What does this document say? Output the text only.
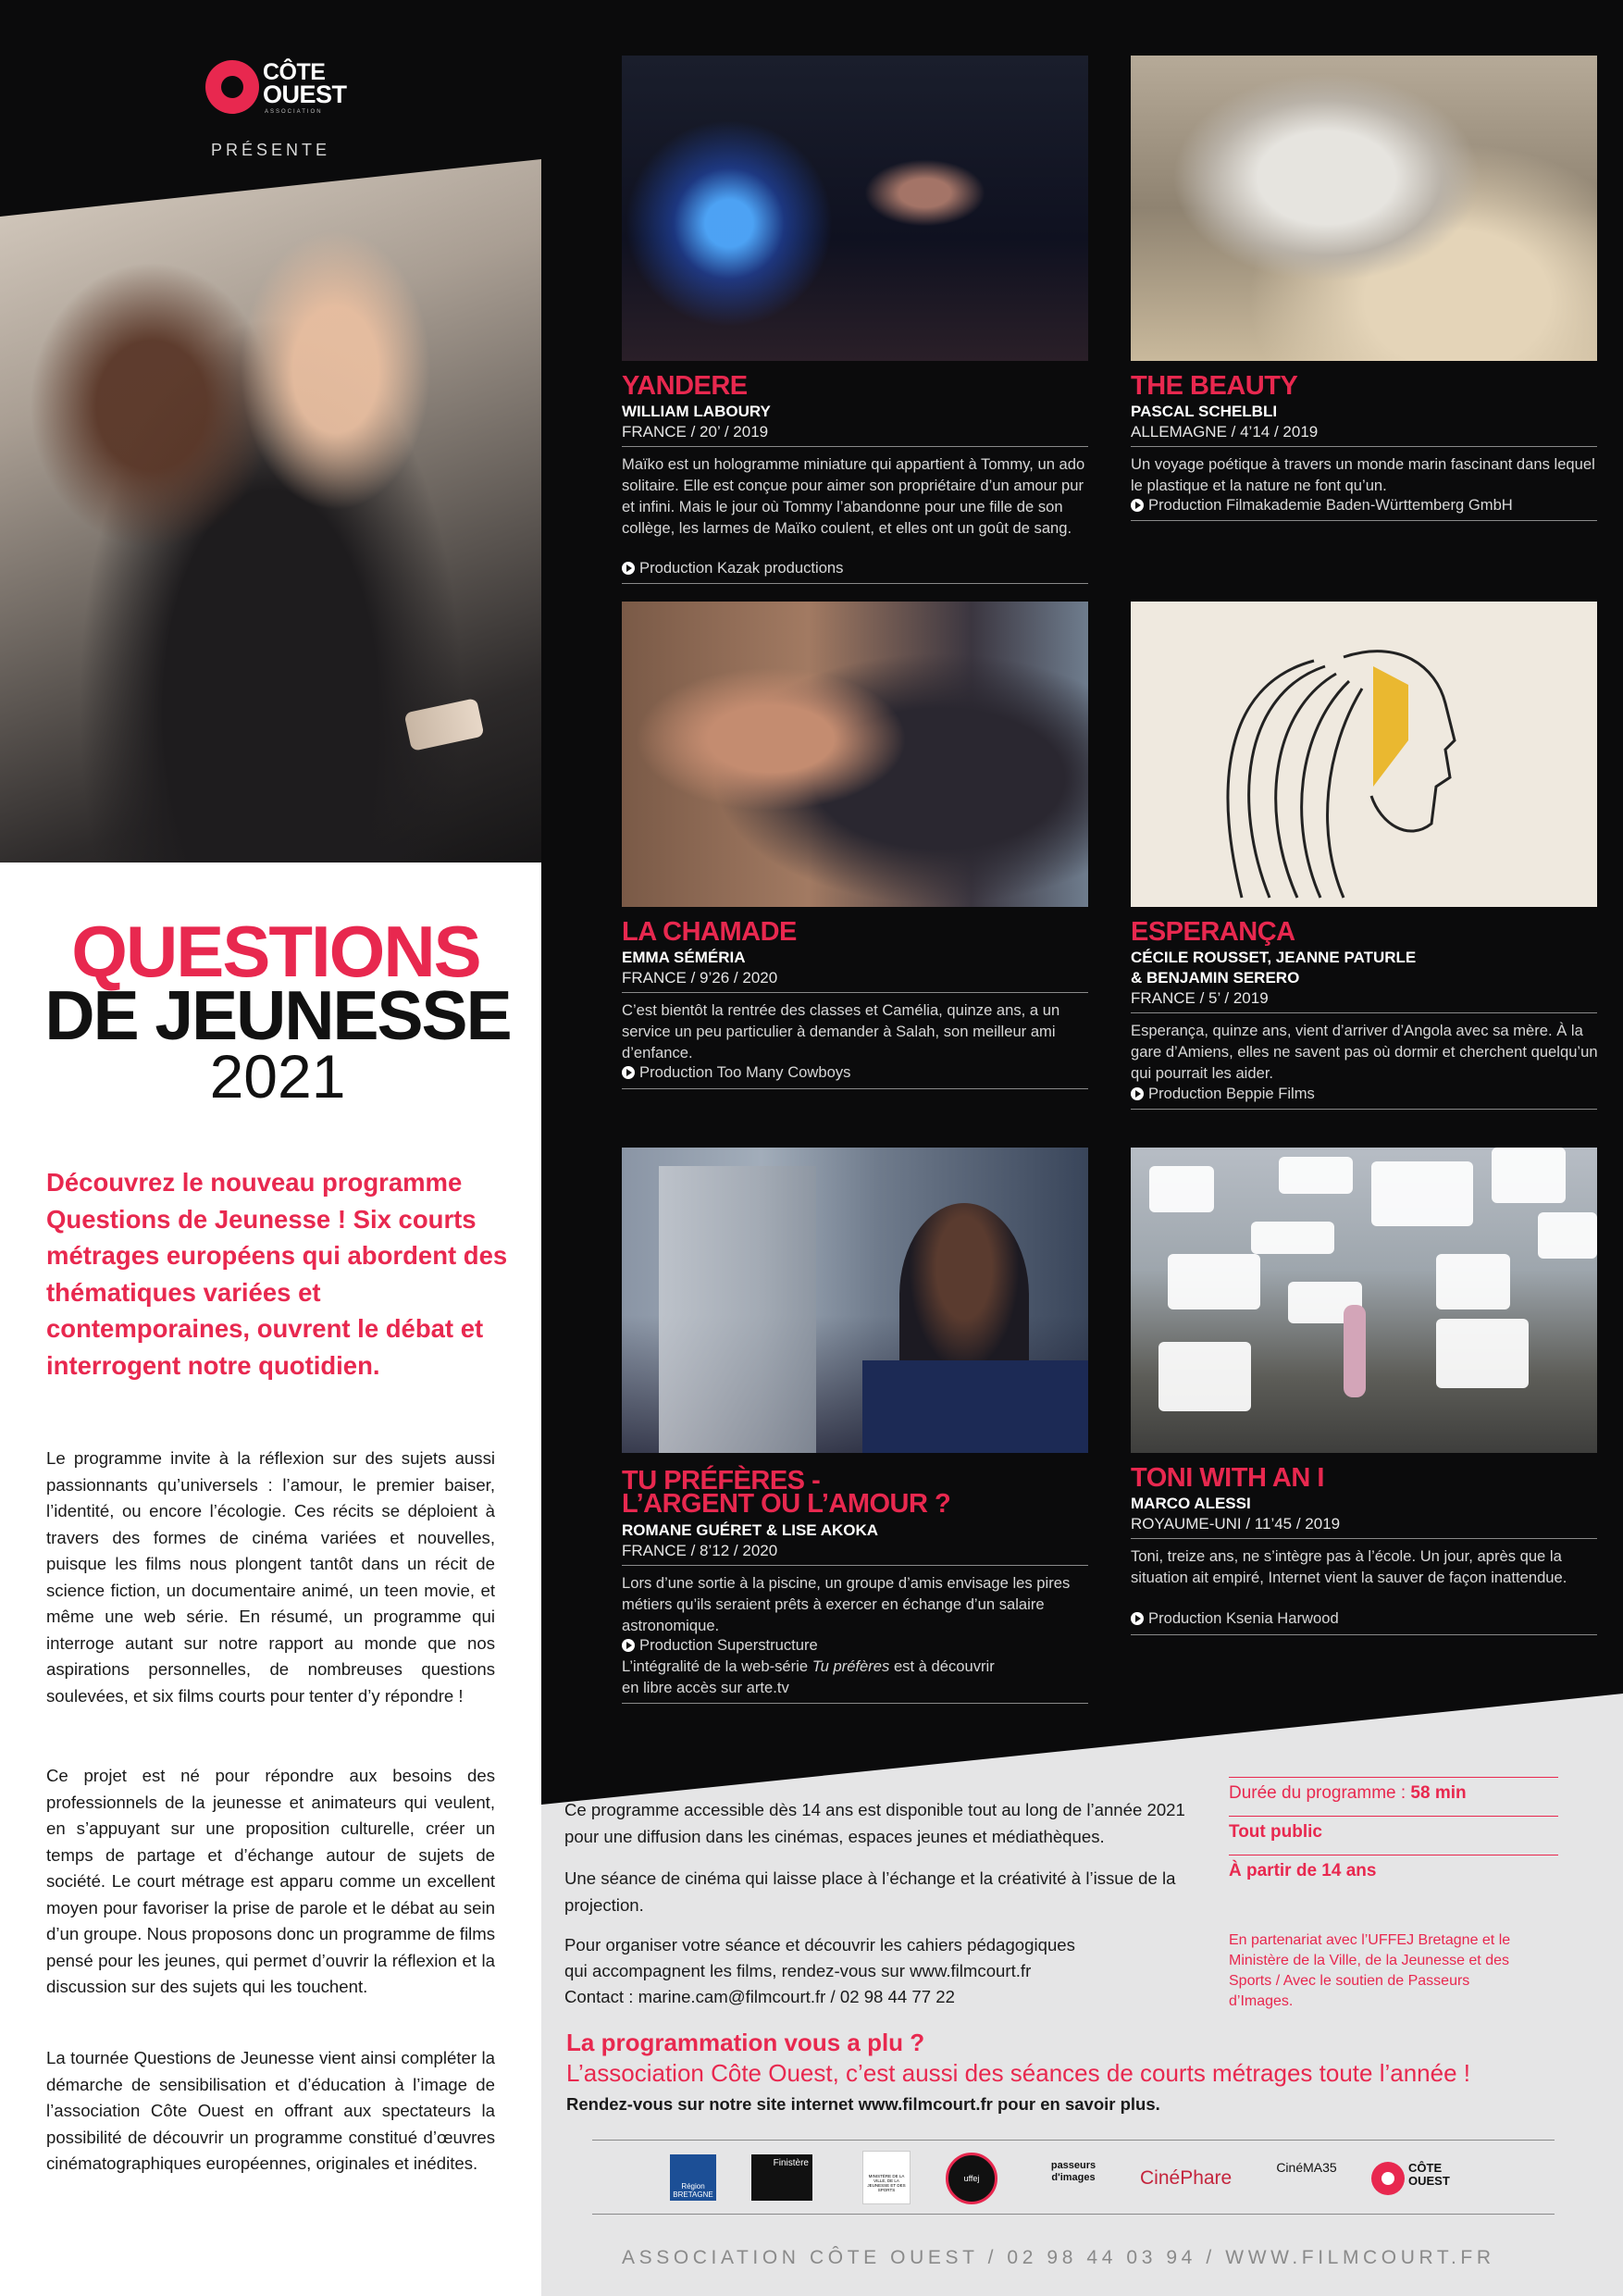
CÔTE
OUEST
ASSOCIATION
PRÉSENTE
QUESTIONS
DE JEUNESSE
2021
Découvrez le nouveau programme Questions de Jeunesse ! Six courts métrages européens qui abordent des thématiques variées et contemporaines, ouvrent le débat et interrogent notre quotidien.
Le programme invite à la réflexion sur des sujets aussi passionnants qu’universels : l’amour, le premier baiser, l’identité, ou encore l’écologie. Ces récits se déploient à travers des formes de cinéma variées et nouvelles, puisque les films nous plongent tantôt dans un récit de science fiction, un documentaire animé, un teen movie, et même une web série. En résumé, un programme qui interroge autant sur notre rapport au monde que nos aspirations personnelles, de nombreuses questions soulevées, et six films courts pour tenter d’y répondre !
Ce projet est né pour répondre aux besoins des professionnels de la jeunesse et animateurs qui veulent, en s’appuyant sur une proposition culturelle, créer un temps de partage et d’échange autour de sujets de société. Le court métrage est apparu comme un excellent moyen pour favoriser la prise de parole et le débat au sein d’un groupe. Nous proposons donc un programme de films pensé pour les jeunes, qui permet d’ouvrir la réflexion et la discussion sur des sujets qui les touchent.
La tournée Questions de Jeunesse vient ainsi compléter la démarche de sensibilisation et d’éducation à l’image de l’association Côte Ouest en offrant aux spectateurs la possibilité de découvrir un programme constitué d’œuvres cinématographiques européennes, originales et inédites.
YANDERE
WILLIAM LABOURY
FRANCE / 20’ / 2019
Maïko est un hologramme miniature qui appartient à Tommy, un ado solitaire. Elle est conçue pour aimer son propriétaire d’un amour pur et infini. Mais le jour où Tommy l’abandonne pour une fille de son collège, les larmes de Maïko coulent, et elles ont un goût de sang.
Production Kazak productions
THE BEAUTY
PASCAL SCHELBLI
ALLEMAGNE / 4’14 / 2019
Un voyage poétique à travers un monde marin fascinant dans lequel le plastique et la nature ne font qu’un.
Production Filmakademie Baden-Württemberg GmbH
LA CHAMADE
EMMA SÉMÉRIA
FRANCE / 9’26 / 2020
C’est bientôt la rentrée des classes et Camélia, quinze ans, a un service un peu particulier à demander à Salah, son meilleur ami d’enfance.
Production Too Many Cowboys
ESPERANÇA
CÉCILE ROUSSET, JEANNE PATURLE
& BENJAMIN SERERO
FRANCE / 5’ / 2019
Esperança, quinze ans, vient d’arriver d’Angola avec sa mère. À la gare d’Amiens, elles ne savent pas où dormir et cherchent quelqu’un qui pourrait les aider.
Production Beppie Films
TU PRÉFÈRES -
L’ARGENT OU L’AMOUR ?
ROMANE GUÉRET & LISE AKOKA
FRANCE / 8’12 / 2020
Lors d’une sortie à la piscine, un groupe d’amis envisage les pires métiers qu’ils seraient prêts à exercer en échange d’un salaire astronomique.
Production Superstructure
L’intégralité de la web-série Tu préfères est à découvrir
en libre accès sur arte.tv
TONI WITH AN I
MARCO ALESSI
ROYAUME-UNI / 11’45 / 2019
Toni, treize ans, ne s’intègre pas à l’école. Un jour, après que la situation ait empiré, Internet vient la sauver de façon inattendue.
Production Ksenia Harwood
Ce programme accessible dès 14 ans est disponible tout au long de l’année 2021 pour une diffusion dans les cinémas, espaces jeunes et médiathèques.
Une séance de cinéma qui laisse place à l’échange et la créativité à l’issue de la projection.
Pour organiser votre séance et découvrir les cahiers pédagogiques
qui accompagnent les films, rendez-vous sur www.filmcourt.fr
Contact : marine.cam@filmcourt.fr / 02 98 44 77 22
Durée du programme : 58 min
Tout public
À partir de 14 ans
En partenariat avec l’UFFEJ Bretagne et le Ministère de la Ville, de la Jeunesse et des Sports / Avec le soutien de Passeurs d’Images.
La programmation vous a plu ?
L’association Côte Ouest, c’est aussi des séances de courts métrages toute l’année !
Rendez-vous sur notre site internet www.filmcourt.fr pour en savoir plus.
Région BRETAGNE
Finistère
MINISTÈRE DE LA VILLE, DE LA JEUNESSE ET DES SPORTS
uffej
passeurs d'images	CinéPhare	CinéMA35	CÔTE OUEST
ASSOCIATION CÔTE OUEST / 02 98 44 03 94 / WWW.FILMCOURT.FR
